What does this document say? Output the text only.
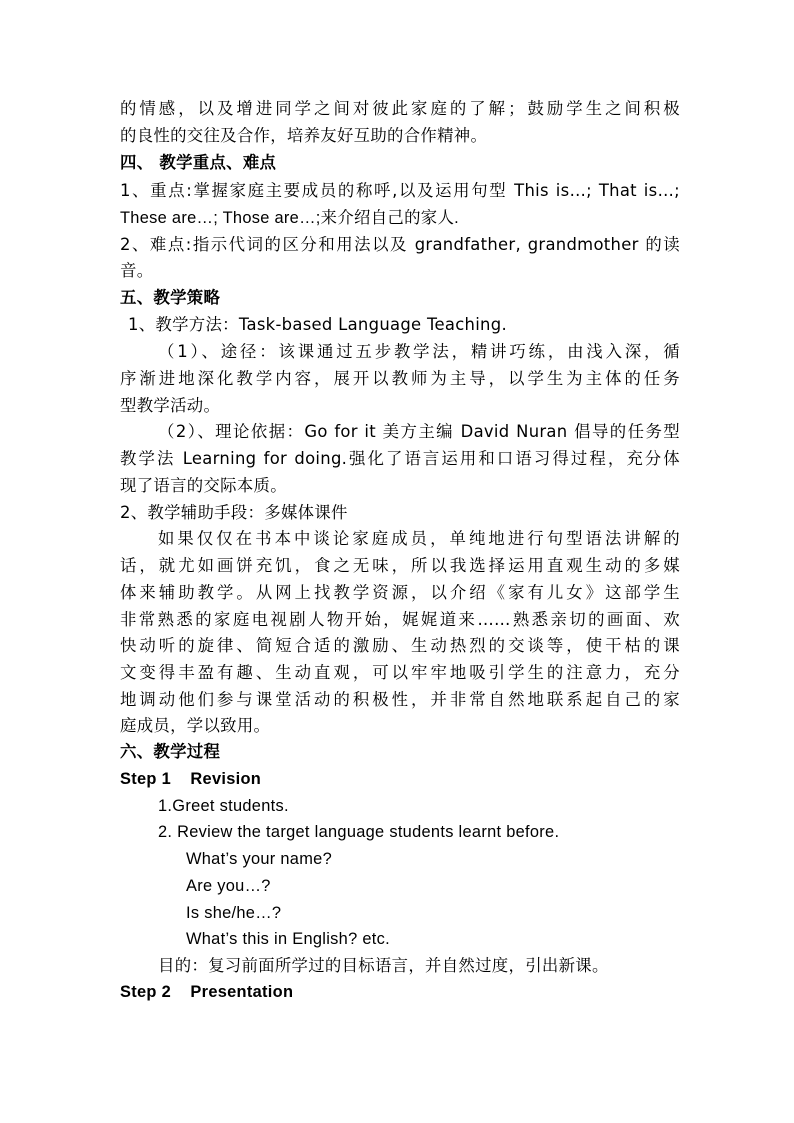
的情感，以及增进同学之间对彼此家庭的了解；鼓励学生之间积极
的良性的交往及合作，培养友好互助的合作精神。
四、 教学重点、难点
1、重点:掌握家庭主要成员的称呼,以及运用句型 This is…; That is…;
These are…; Those are…;来介绍自己的家人.
2、难点:指示代词的区分和用法以及 grandfather, grandmother 的读
音。
五、教学策略
1、教学方法：Task-based Language Teaching.
（1）、途径：该课通过五步教学法，精讲巧练，由浅入深，循
序渐进地深化教学内容，展开以教师为主导，以学生为主体的任务
型教学活动。
（2）、理论依据：Go for it 美方主编 David Nuran 倡导的任务型
教学法 Learning for doing.强化了语言运用和口语习得过程，充分体
现了语言的交际本质。
2、教学辅助手段：多媒体课件
如果仅仅在书本中谈论家庭成员，单纯地进行句型语法讲解的
话，就尤如画饼充饥，食之无味，所以我选择运用直观生动的多媒
体来辅助教学。从网上找教学资源，以介绍《家有儿女》这部学生
非常熟悉的家庭电视剧人物开始，娓娓道来……熟悉亲切的画面、欢
快动听的旋律、简短合适的激励、生动热烈的交谈等，使干枯的课
文变得丰盈有趣、生动直观，可以牢牢地吸引学生的注意力，充分
地调动他们参与课堂活动的积极性，并非常自然地联系起自己的家
庭成员，学以致用。
六、教学过程
Step 1    Revision
1.Greet students.
2. Review the target language students learnt before.
What’s your name?
Are you…?
Is she/he…?
What’s this in English? etc.
目的：复习前面所学过的目标语言，并自然过度，引出新课。
Step 2    Presentation
